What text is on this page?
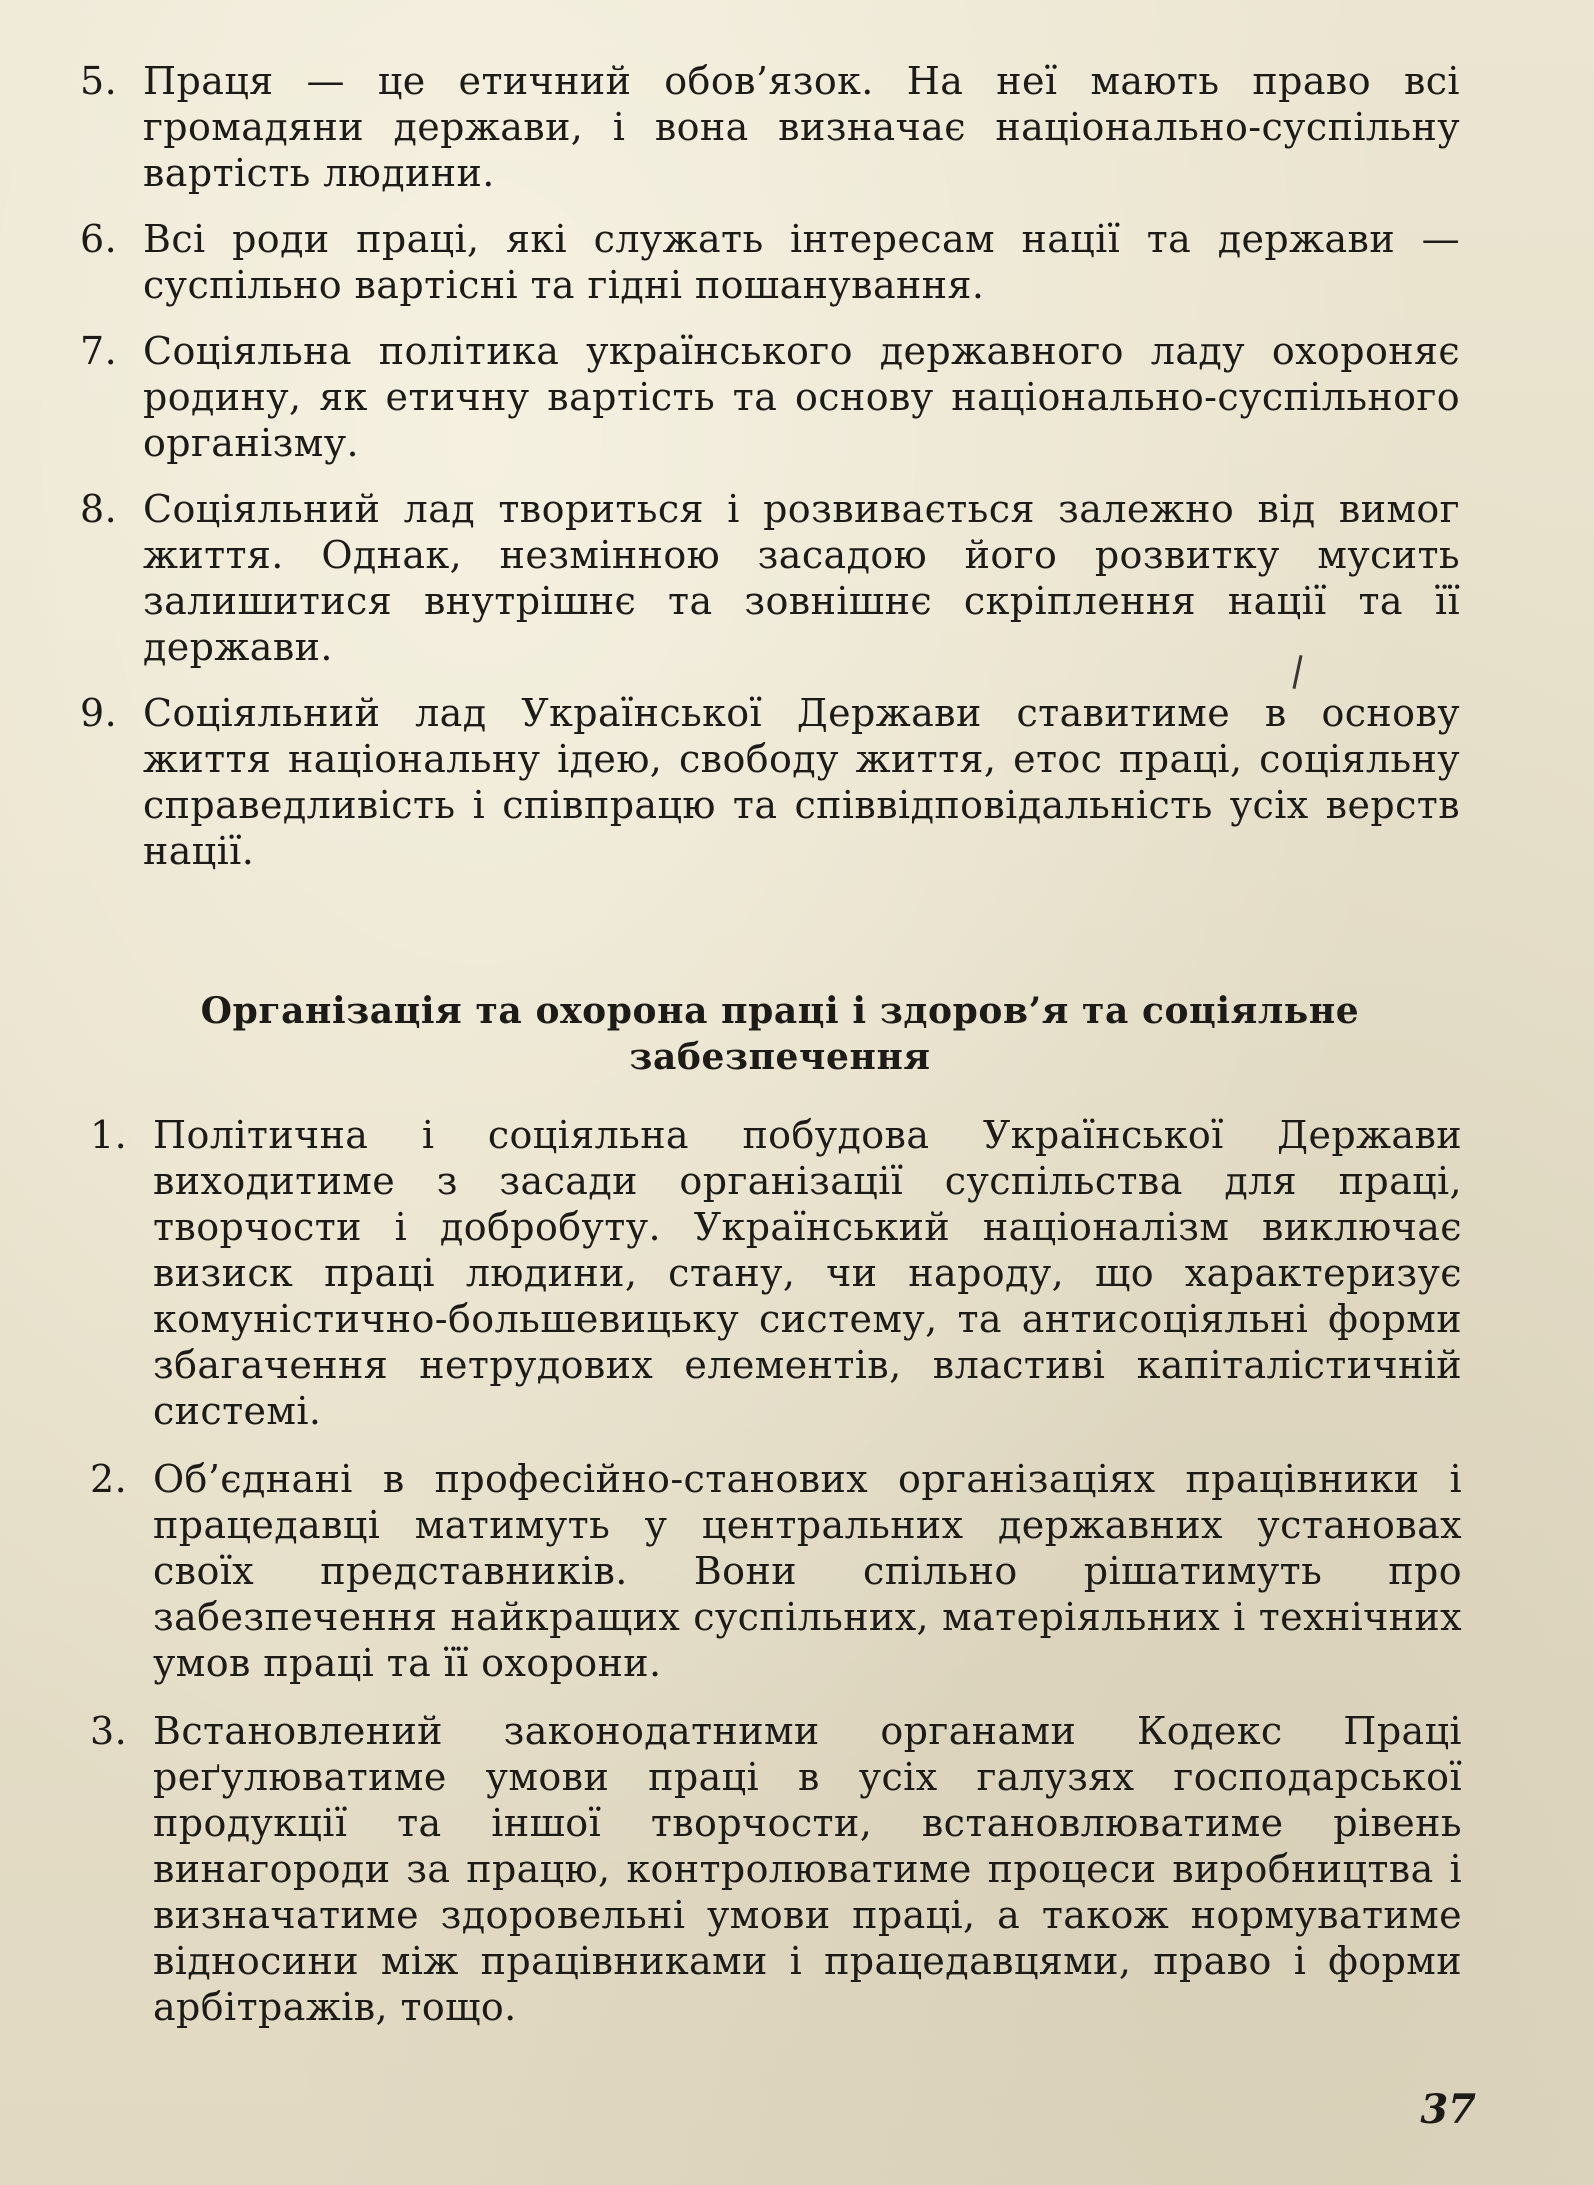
5. Праця — це етичний обов’язок. На неї мають право всі громадяни держави, і вона визначає національно-суспільну вартість людини.
6. Всі роди праці, які служать інтересам нації та держави — суспільно вартісні та гідні пошанування.
7. Соціяльна політика українського державного ладу охороняє родину, як етичну вартість та основу національно-суспільного організму.
8. Соціяльний лад твориться і розвивається залежно від вимог життя. Однак, незмінною засадою його розвитку мусить залишитися внутрішнє та зовнішнє скріплення нації та її держави.
9. Соціяльний лад Української Держави ставитиме в основу життя національну ідею, свободу життя, етос праці, соціяльну справедливість і співпрацю та співвідповідальність усіх верств нації.
Організація та охорона праці і здоров’я та соціяльне
забезпечення
1. Політична і соціяльна побудова Української Держави виходитиме з засади організації суспільства для праці, творчости і добробуту. Український націоналізм виключає визиск праці людини, стану, чи народу, що характеризує комуністично-большевицьку систему, та антисоціяльні форми збагачення нетрудових елементів, властиві капіталістичній системі.
2. Об’єднані в професійно-станових організаціях працівники і працедавці матимуть у центральних державних установах своїх представників. Вони спільно рішатимуть про забезпечення найкращих суспільних, матеріяльних і технічних умов праці та її охорони.
3. Встановлений законодатними органами Кодекс Праці реґулюватиме умови праці в усіх галузях господарської продукції та іншої творчости, встановлюватиме рівень винагороди за працю, контролюватиме процеси виробництва і визначатиме здоровельні умови праці, а також нормуватиме відносини між працівниками і працедавцями, право і форми арбітражів, тощо.
37
